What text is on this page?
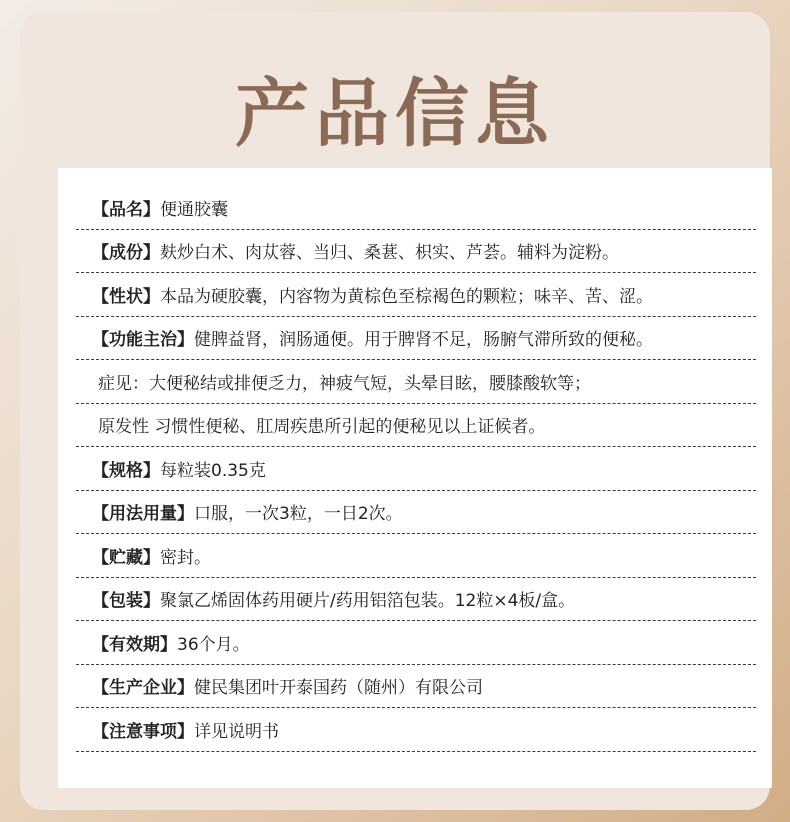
产品信息
【品名】 便通胶囊
【成份】 麸炒白术、肉苁蓉、当归、桑葚、枳实、芦荟。辅料为淀粉。
【性状】 本品为硬胶囊，内容物为黄棕色至棕褐色的颗粒；味辛、苦、涩。
【功能主治】 健脾益肾，润肠通便。用于脾肾不足，肠腑气滞所致的便秘。
症见：大便秘结或排便乏力，神疲气短，头晕目眩，腰膝酸软等；
原发性 习惯性便秘、肛周疾患所引起的便秘见以上证候者。
【规格】 每粒装0.35克
【用法用量】 口服，一次3粒，一日2次。
【贮藏】 密封。
【包装】 聚氯乙烯固体药用硬片/药用铝箔包装。12粒×4板/盒。
【有效期】 36个月。
【生产企业】 健民集团叶开泰国药（随州）有限公司
【注意事项】 详见说明书
